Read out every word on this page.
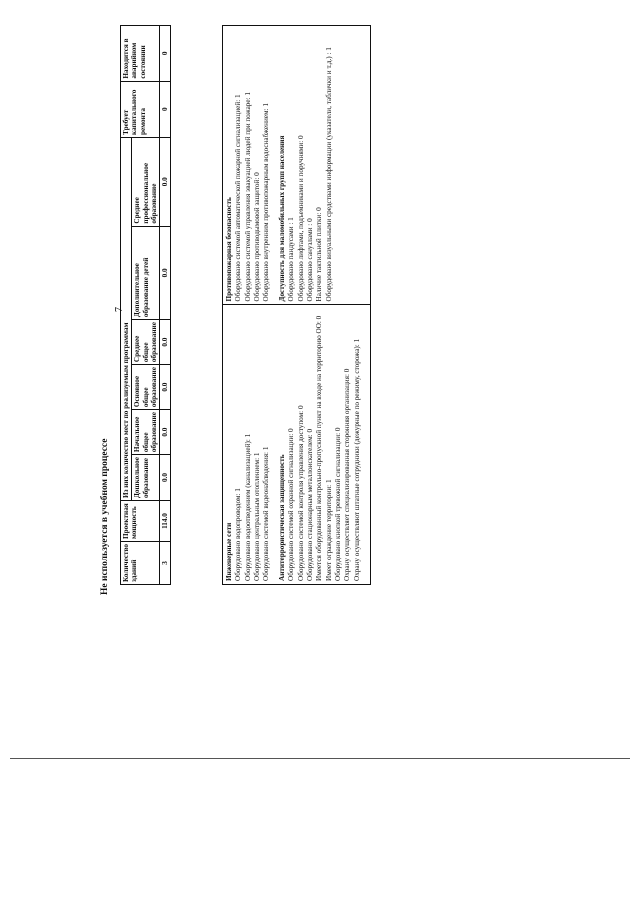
7
Не используется в учебном процессе Количество зданий	Проектная мощность	Из них количество мест по реализуемым программам						Требует капитального ремонта	Находится в аварийном состоянии
		Дошкольное образование	Начальное общее образование	Основное общее образование	Среднее общее образование	Дополнительное образование детей	Среднее профессиональное образование		
3	114.0	0.0	0.0	0.0	0.0	0.0	0.0	0	0
Инженерные сети Оборудовано водопроводом: 1 Оборудовано водоотведением (канализацией): 1 Оборудовано центральным отоплением: 1 Оборудовано системой видеонаблюдения: 1 Антитеррористическая защищенность Оборудовано системой охранной сигнализации: 0 Оборудовано системой контроля управления доступом: 0 Оборудовано стационарным металлоискателем: 0 Имеется оборудованный контрольно-пропускной пункт на входе на территорию ОО: 0 Имеет ограждение территории: 1 Оборудовано кнопкой тревожной сигнализации: 0 Охрану осуществляет специализированная сторонняя организация: 0 Охрану осуществляют штатные сотрудники (дежурные по режиму, сторожа): 1

Противопожарная безопасность Оборудовано системой автоматической пожарной сигнализацией: 1 Оборудовано системой управления эвакуацией людей при пожаре: 1 Оборудовано противодымовой защитой: 0 Оборудовано внутренним противопожарным водоснабжением: 1 Доступность для маломобильных групп населения Оборудовано пандусами : 1 Оборудовано лифтами, подъемниками и поручнями: 0 Оборудовано санузлами : 0 Наличие тактильной плитки: 0 Оборудовано визуальными средствами информации (указатели, таблички и т.д.) : 1
